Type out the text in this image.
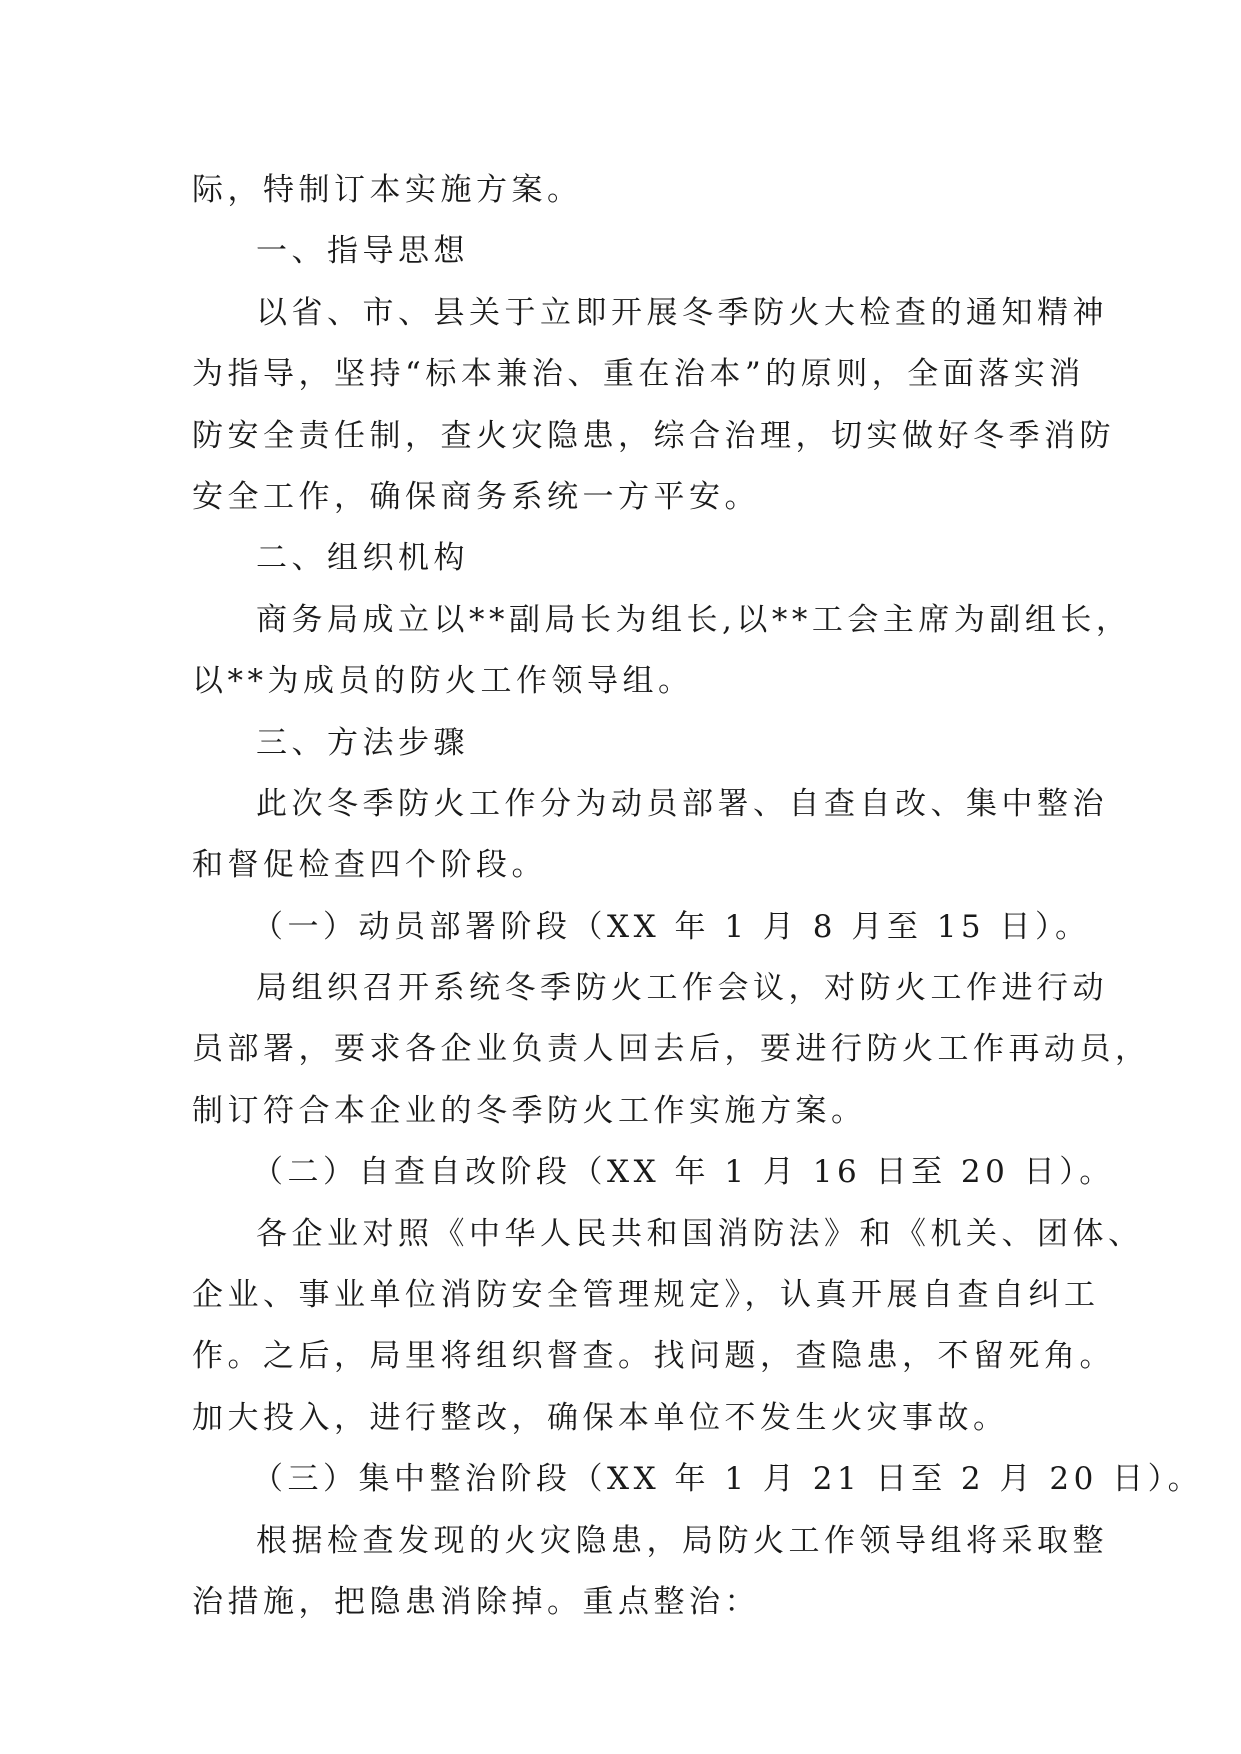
际，特制订本实施方案。
一、指导思想
以省、市、县关于立即开展冬季防火大检查的通知精神
为指导，坚持“标本兼治、重在治本”的原则，全面落实消
防安全责任制，查火灾隐患，综合治理，切实做好冬季消防
安全工作，确保商务系统一方平安。
二、组织机构
商务局成立以**副局长为组长,以**工会主席为副组长，
以**为成员的防火工作领导组。
三、方法步骤
此次冬季防火工作分为动员部署、自查自改、集中整治
和督促检查四个阶段。
（一）动员部署阶段（XX 年 1 月 8 月至 15 日）。
局组织召开系统冬季防火工作会议，对防火工作进行动
员部署，要求各企业负责人回去后，要进行防火工作再动员，
制订符合本企业的冬季防火工作实施方案。
（二）自查自改阶段（XX 年 1 月 16 日至 20 日）。
各企业对照《中华人民共和国消防法》和《机关、团体、
企业、事业单位消防安全管理规定》，认真开展自查自纠工
作。之后，局里将组织督查。找问题，查隐患，不留死角。
加大投入，进行整改，确保本单位不发生火灾事故。
（三）集中整治阶段（XX 年 1 月 21 日至 2 月 20 日）。
根据检查发现的火灾隐患，局防火工作领导组将采取整
治措施，把隐患消除掉。重点整治：
